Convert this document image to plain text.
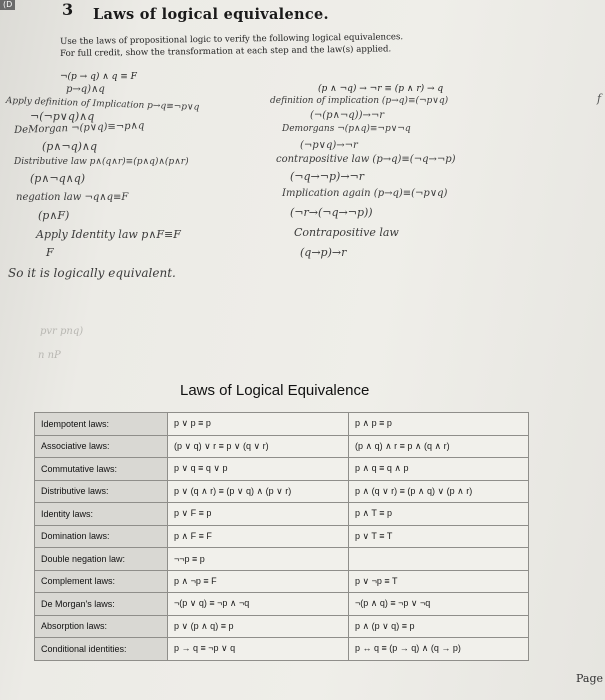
(D	3 Laws of logical equivalence.
Use the laws of propositional logic to verify the following logical equivalences.
For full credit, show the transformation at each step and the law(s) applied.
¬(p → q) ∧ q ≡ F
p→q)∧q
Apply definition of Implication p→q≡¬p∨q
¬(¬p∨q)∧q
DeMorgan ¬(p∨q)≡¬p∧q
(p∧¬q)∧q
Distributive law p∧(q∧r)≡(p∧q)∧(p∧r)
(p∧¬q∧q)
negation law ¬q∧q≡F
(p∧F)
Apply Identity law p∧F≡F
F
So it is logically equivalent.
(p ∧ ¬q) → ¬r ≡ (p ∧ r) → q
definition of implication (p→q)≡(¬p∨q)
(¬(p∧¬q))→¬r
Demorgans ¬(p∧q)≡¬p∨¬q
(¬p∨q)→¬r
contrapositive law (p→q)≡(¬q→¬p)
(¬q→¬p)→¬r
Implication again (p→q)≡(¬p∨q)
(¬r→(¬q→¬p))
Contrapositive law
(q→p)→r
f
pvr pnq)
n nP
Laws of Logical Equivalence
Idempotent laws:	p ∨ p ≡ p	p ∧ p ≡ p
Associative laws:	(p ∨ q) ∨ r ≡ p ∨ (q ∨ r)	(p ∧ q) ∧ r ≡ p ∧ (q ∧ r)
Commutative laws:	p ∨ q ≡ q ∨ p	p ∧ q ≡ q ∧ p
Distributive laws:	p ∨ (q ∧ r) ≡ (p ∨ q) ∧ (p ∨ r)	p ∧ (q ∨ r) ≡ (p ∧ q) ∨ (p ∧ r)
Identity laws:	p ∨ F ≡ p	p ∧ T ≡ p
Domination laws:	p ∧ F ≡ F	p ∨ T ≡ T
Double negation law:	¬¬p ≡ p	
Complement laws:	p ∧ ¬p ≡ F	p ∨ ¬p ≡ T
De Morgan's laws:	¬(p ∨ q) ≡ ¬p ∧ ¬q	¬(p ∧ q) ≡ ¬p ∨ ¬q
Absorption laws:	p ∨ (p ∧ q) ≡ p	p ∧ (p ∨ q) ≡ p
Conditional identities:	p → q ≡ ¬p ∨ q	p ↔ q ≡ (p → q) ∧ (q → p)
Page
